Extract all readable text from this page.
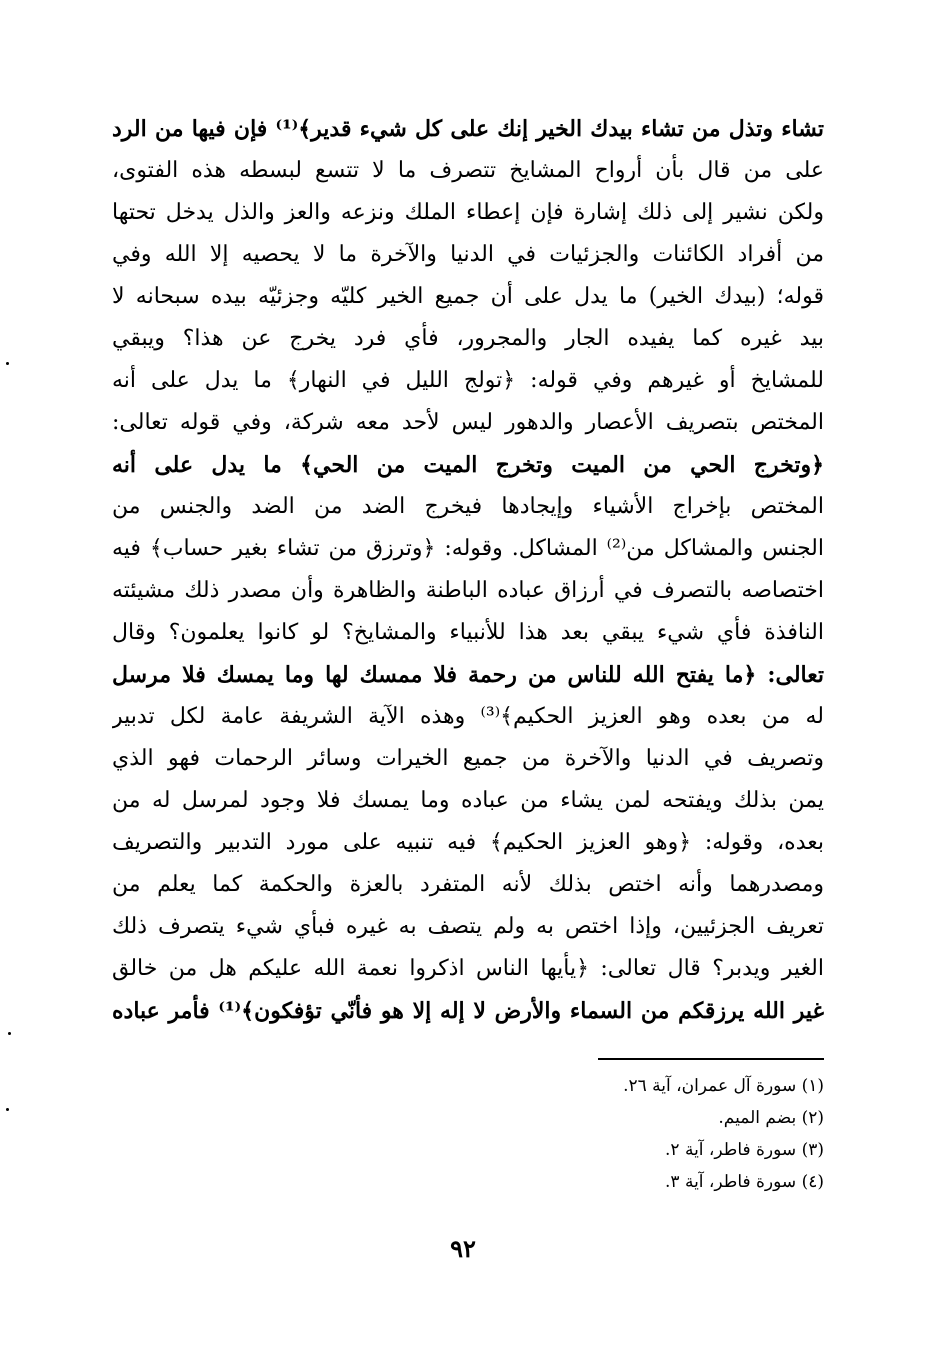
تشاء وتذل من تشاء بيدك الخير إنك على كل شيء قدير﴾⁽¹⁾ فإن فيها من الرد
على من قال بأن أرواح المشايخ تتصرف ما لا تتسع لبسطه هذه الفتوى،
ولكن نشير إلى ذلك إشارة فإن إعطاء الملك ونزعه والعز والذل يدخل تحتها
من أفراد الكائنات والجزئيات في الدنيا والآخرة ما لا يحصيه إلا الله وفي
قوله؛ (بيدك الخير) ما يدل على أن جميع الخير كليّه وجزئيّه بيده سبحانه لا
بيد غيره كما يفيده الجار والمجرور، فأي فرد يخرج عن هذا؟ ويبقي
للمشايخ أو غيرهم وفي قوله: ﴿تولج الليل في النهار﴾ ما يدل على أنه
المختص بتصريف الأعصار والدهور ليس لأحد معه شركة، وفي قوله تعالى:
﴿وتخرج الحي من الميت وتخرج الميت من الحي﴾ ما يدل على أنه
المختص بإخراج الأشياء وإيجادها فيخرج الضد من الضد والجنس من
الجنس والمشاكل من⁽²⁾ المشاكل. وقوله: ﴿وترزق من تشاء بغير حساب﴾ فيه
اختصاصه بالتصرف في أرزاق عباده الباطنة والظاهرة وأن مصدر ذلك مشيئته
النافذة فأي شيء يبقي بعد هذا للأنبياء والمشايخ؟ لو كانوا يعلمون؟ وقال
تعالى: ﴿ما يفتح الله للناس من رحمة فلا ممسك لها وما يمسك فلا مرسل
له من بعده وهو العزيز الحكيم﴾⁽³⁾ وهذه الآية الشريفة عامة لكل تدبير
وتصريف في الدنيا والآخرة من جميع الخيرات وسائر الرحمات فهو الذي
يمن بذلك ويفتحه لمن يشاء من عباده وما يمسك فلا وجود لمرسل له من
بعده، وقوله: ﴿وهو العزيز الحكيم﴾ فيه تنبيه على مورد التدبير والتصريف
ومصدرهما وأنه اختص بذلك لأنه المتفرد بالعزة والحكمة كما يعلم من
تعريف الجزئيين، وإذا اختص به ولم يتصف به غيره فبأي شيء يتصرف ذلك
الغير ويدبر؟ قال تعالى: ﴿يأيها الناس اذكروا نعمة الله عليكم هل من خالق
غير الله يرزقكم من السماء والأرض لا إله إلا هو فأنّي تؤفكون﴾⁽¹⁾ فأمر عباده
(١) سورة آل عمران، آية ٢٦.
(٢) بضم الميم.
(٣) سورة فاطر، آية ٢.
(٤) سورة فاطر، آية ٣.
٩٢
